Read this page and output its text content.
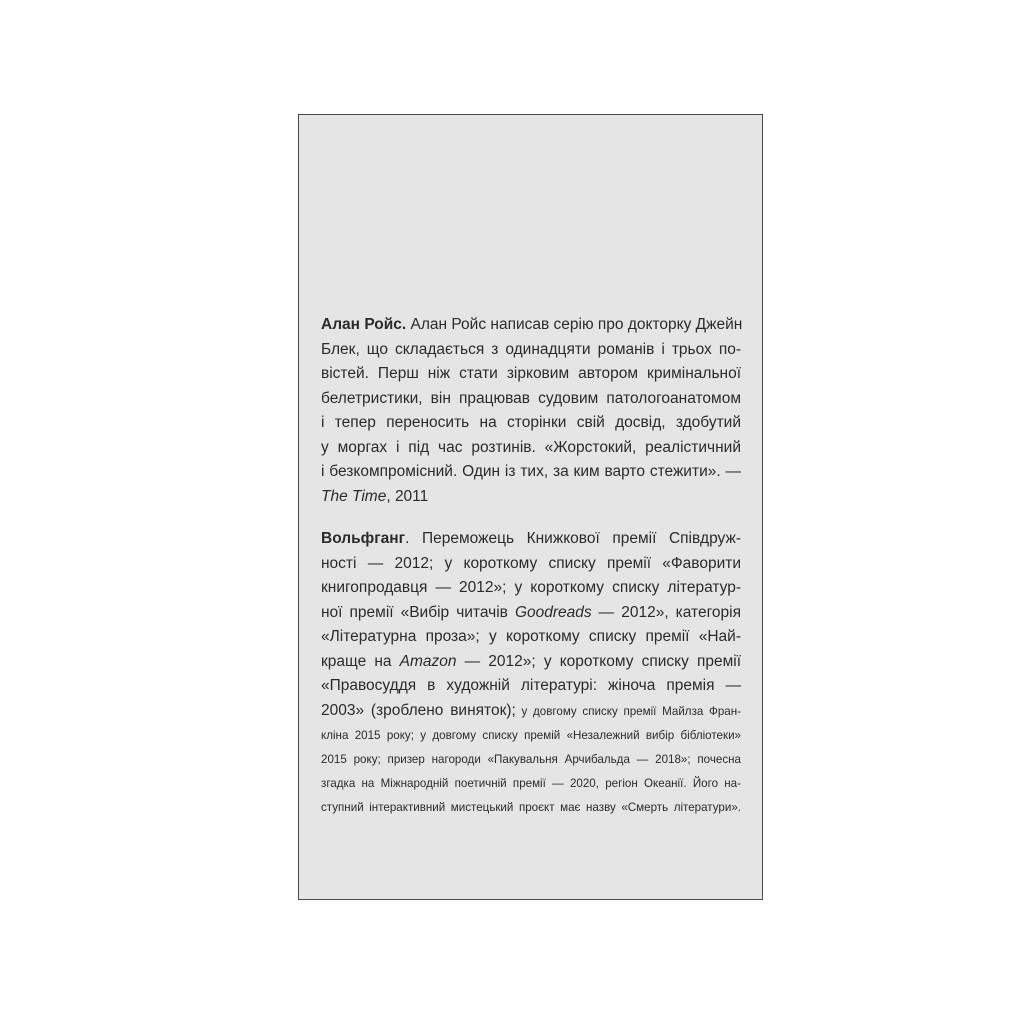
Алан Ройс. Алан Ройс написав серію про докторку Джейн
Блек, що складається з одинадцяти романів і трьох по-
вістей. Перш ніж стати зірковим автором кримінальної
белетристики, він працював судовим патологоанатомом
і тепер переносить на сторінки свій досвід, здобутий
у моргах і під час розтинів. «Жорстокий, реалістичний
і безкомпромісний. Один із тих, за ким варто стежити». —
The Time, 2011
Вольфганг. Переможець Книжкової премії Співдруж-
ності — 2012; у короткому списку премії «Фаворити
книгопродавця — 2012»; у короткому списку літератур-
ної премії «Вибір читачів Goodreads — 2012», категорія
«Літературна проза»; у короткому списку премії «Най-
краще на Amazon — 2012»; у короткому списку премії
«Правосуддя в художній літературі: жіноча премія —
2003» (зроблено виняток); у довгому списку премії Майлза Фран-
кліна 2015 року; у довгому списку премій «Незалежний вибір бібліотеки»
2015 року; призер нагороди «Пакувальня Арчибальда — 2018»; почесна
згадка на Міжнародній поетичній премії — 2020, регіон Океанії. Його на-
ступний інтерактивний мистецький проєкт має назву «Смерть літератури».
